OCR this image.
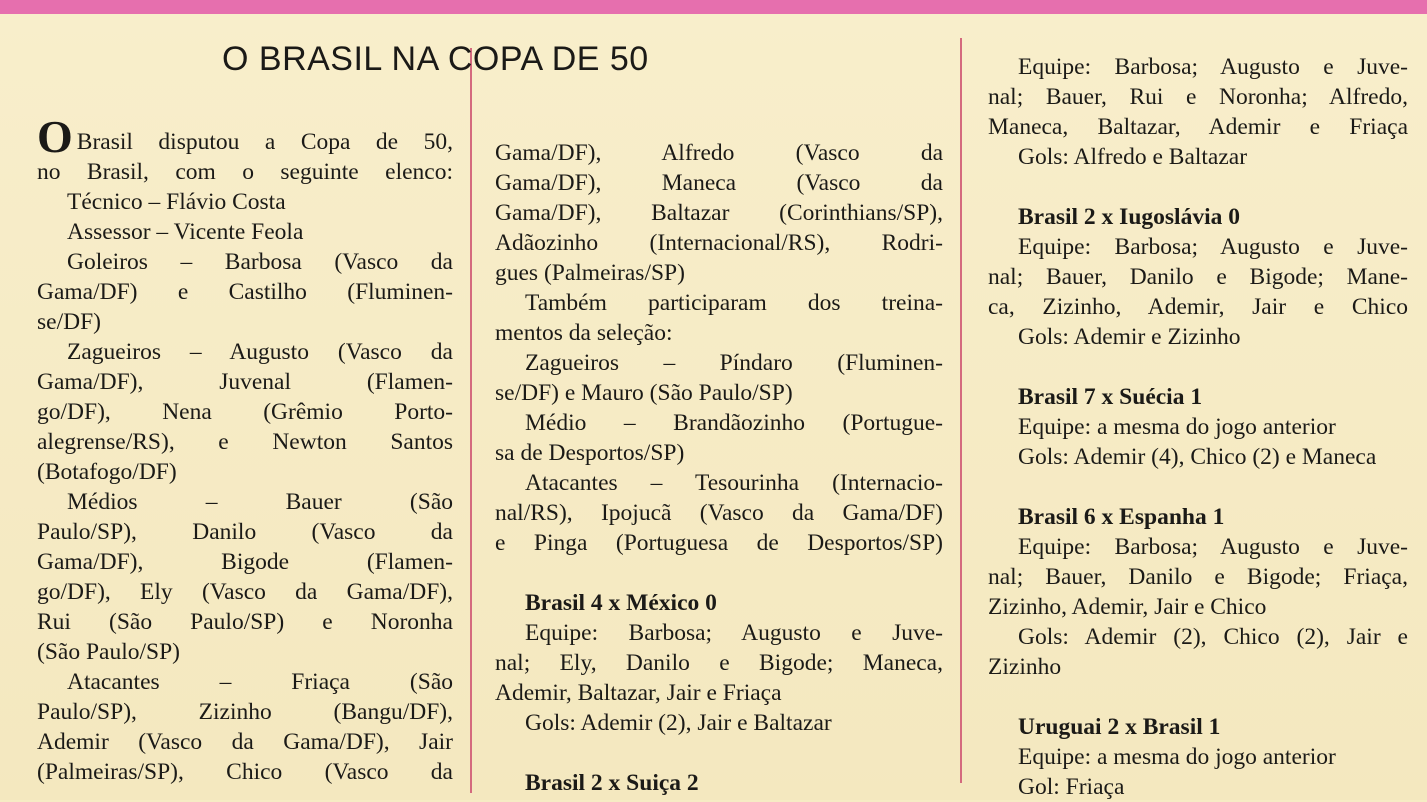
O BRASIL NA COPA DE 50
O Brasil disputou a Copa de 50,
no Brasil, com o seguinte elenco:
Técnico – Flávio Costa
Assessor – Vicente Feola
Goleiros – Barbosa (Vasco da
Gama/DF) e Castilho (Fluminen-
se/DF)
Zagueiros – Augusto (Vasco da
Gama/DF), Juvenal (Flamen-
go/DF), Nena (Grêmio Porto-
alegrense/RS), e Newton Santos
(Botafogo/DF)
Médios – Bauer (São
Paulo/SP), Danilo (Vasco da
Gama/DF), Bigode (Flamen-
go/DF), Ely (Vasco da Gama/DF),
Rui (São Paulo/SP) e Noronha
(São Paulo/SP)
Atacantes – Friaça (São
Paulo/SP), Zizinho (Bangu/DF),
Ademir (Vasco da Gama/DF), Jair
(Palmeiras/SP), Chico (Vasco da
Gama/DF), Alfredo (Vasco da
Gama/DF), Maneca (Vasco da
Gama/DF), Baltazar (Corinthians/SP),
Adãozinho (Internacional/RS), Rodri-
gues (Palmeiras/SP)
Também participaram dos treina-
mentos da seleção:
Zagueiros – Píndaro (Fluminen-
se/DF) e Mauro (São Paulo/SP)
Médio – Brandãozinho (Portugue-
sa de Desportos/SP)
Atacantes – Tesourinha (Internacio-
nal/RS), Ipojucã (Vasco da Gama/DF)
e Pinga (Portuguesa de Desportos/SP)
Brasil 4 x México 0
Equipe: Barbosa; Augusto e Juve-
nal; Ely, Danilo e Bigode; Maneca,
Ademir, Baltazar, Jair e Friaça
Gols: Ademir (2), Jair e Baltazar
Brasil 2 x Suiça 2
Equipe: Barbosa; Augusto e Juve-
nal; Bauer, Rui e Noronha; Alfredo,
Maneca, Baltazar, Ademir e Friaça
Gols: Alfredo e Baltazar
Brasil 2 x Iugoslávia 0
Equipe: Barbosa; Augusto e Juve-
nal; Bauer, Danilo e Bigode; Mane-
ca, Zizinho, Ademir, Jair e Chico
Gols: Ademir e Zizinho
Brasil 7 x Suécia 1
Equipe: a mesma do jogo anterior
Gols: Ademir (4), Chico (2) e Maneca
Brasil 6 x Espanha 1
Equipe: Barbosa; Augusto e Juve-
nal; Bauer, Danilo e Bigode; Friaça,
Zizinho, Ademir, Jair e Chico
Gols: Ademir (2), Chico (2), Jair e
Zizinho
Uruguai 2 x Brasil 1
Equipe: a mesma do jogo anterior
Gol: Friaça
